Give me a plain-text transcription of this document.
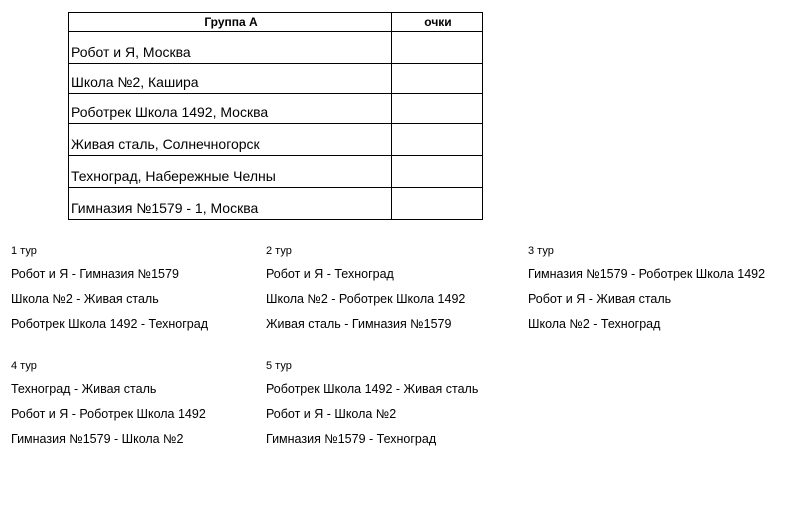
Группа А	очки
Робот и Я, Москва	
Школа №2, Кашира	
Роботрек Школа 1492, Москва	
Живая сталь, Солнечногорск	
Техноград, Набережные Челны	
Гимназия №1579 - 1, Москва	
1 тур
Робот и Я - Гимназия №1579
Школа №2 - Живая сталь
Роботрек Школа 1492 - Техноград
2 тур
Робот и Я - Техноград
Школа №2 - Роботрек Школа 1492
Живая сталь - Гимназия №1579
3 тур
Гимназия №1579 - Роботрек Школа 1492
Робот и Я - Живая сталь
Школа №2 - Техноград
4 тур
Техноград - Живая сталь
Робот и Я - Роботрек Школа 1492
Гимназия №1579 - Школа №2
5 тур
Роботрек Школа 1492 - Живая сталь
Робот и Я - Школа №2
Гимназия №1579 - Техноград
